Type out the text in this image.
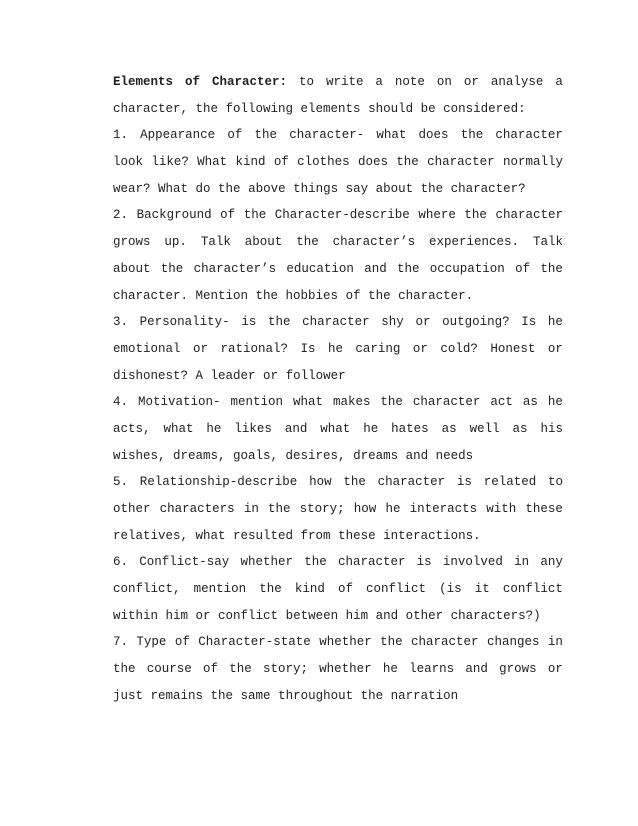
Elements of Character: to write a note on or analyse a
character, the following elements should be considered:
1. Appearance of the character- what does the character
look like? What kind of clothes does the character normally
wear? What do the above things say about the character?
2. Background of the Character-describe where the character
grows up. Talk about the character’s experiences. Talk
about the character’s education and the occupation of the
character. Mention the hobbies of the character.
3. Personality- is the character shy or outgoing? Is he
emotional or rational? Is he caring or cold? Honest or
dishonest? A leader or follower
4. Motivation- mention what makes the character act as he
acts, what he likes and what he hates as well as his
wishes, dreams, goals, desires, dreams and needs
5. Relationship-describe how the character is related to
other characters in the story; how he interacts with these
relatives, what resulted from these interactions.
6. Conflict-say whether the character is involved in any
conflict, mention the kind of conflict (is it conflict
within him or conflict between him and other characters?)
7. Type of Character-state whether the character changes in
the course of the story; whether he learns and grows or
just remains the same throughout the narration
